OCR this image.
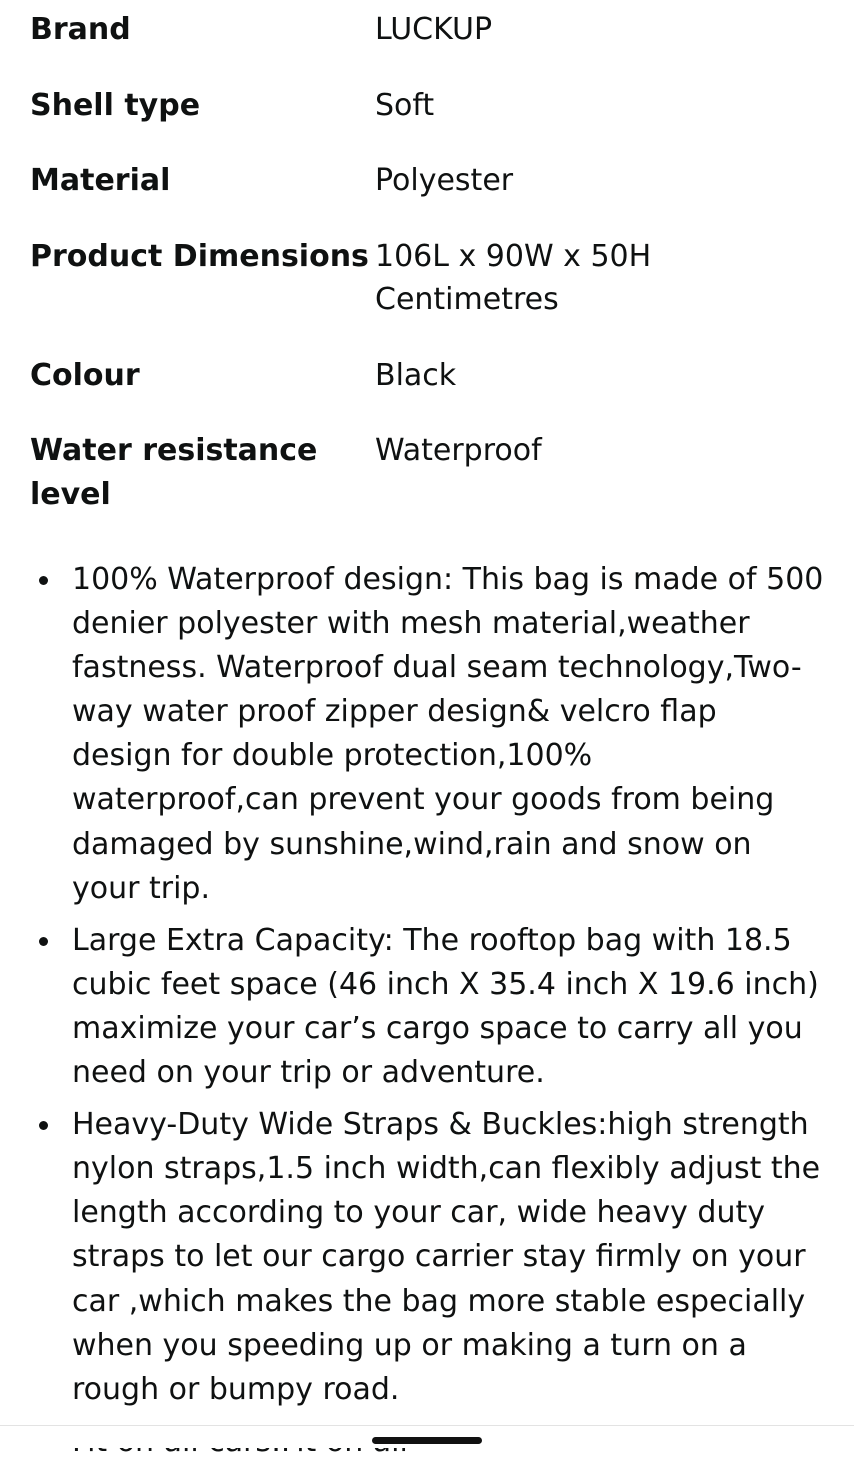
Brand	LUCKUP
Shell type	Soft
Material	Polyester
Product Dimensions	106L x 90W x 50H Centimetres
Colour	Black
Water resistance level	Waterproof
100% Waterproof design: This bag is made of 500 denier polyester with mesh material,weather fastness. Waterproof dual seam technology,Two-way water proof zipper design& velcro flap design for double protection,100% waterproof,can prevent your goods from being damaged by sunshine,wind,rain and snow on your trip.
Large Extra Capacity: The rooftop bag with 18.5 cubic feet space (46 inch X 35.4 inch X 19.6 inch) maximize your car’s cargo space to carry all you need on your trip or adventure.
Heavy-Duty Wide Straps & Buckles:high strength nylon straps,1.5 inch width,can flexibly adjust the length according to your car, wide heavy duty straps to let our cargo carrier stay firmly on your car ,which makes the bag more stable especially when you speeding up or making a turn on a rough or bumpy road.
